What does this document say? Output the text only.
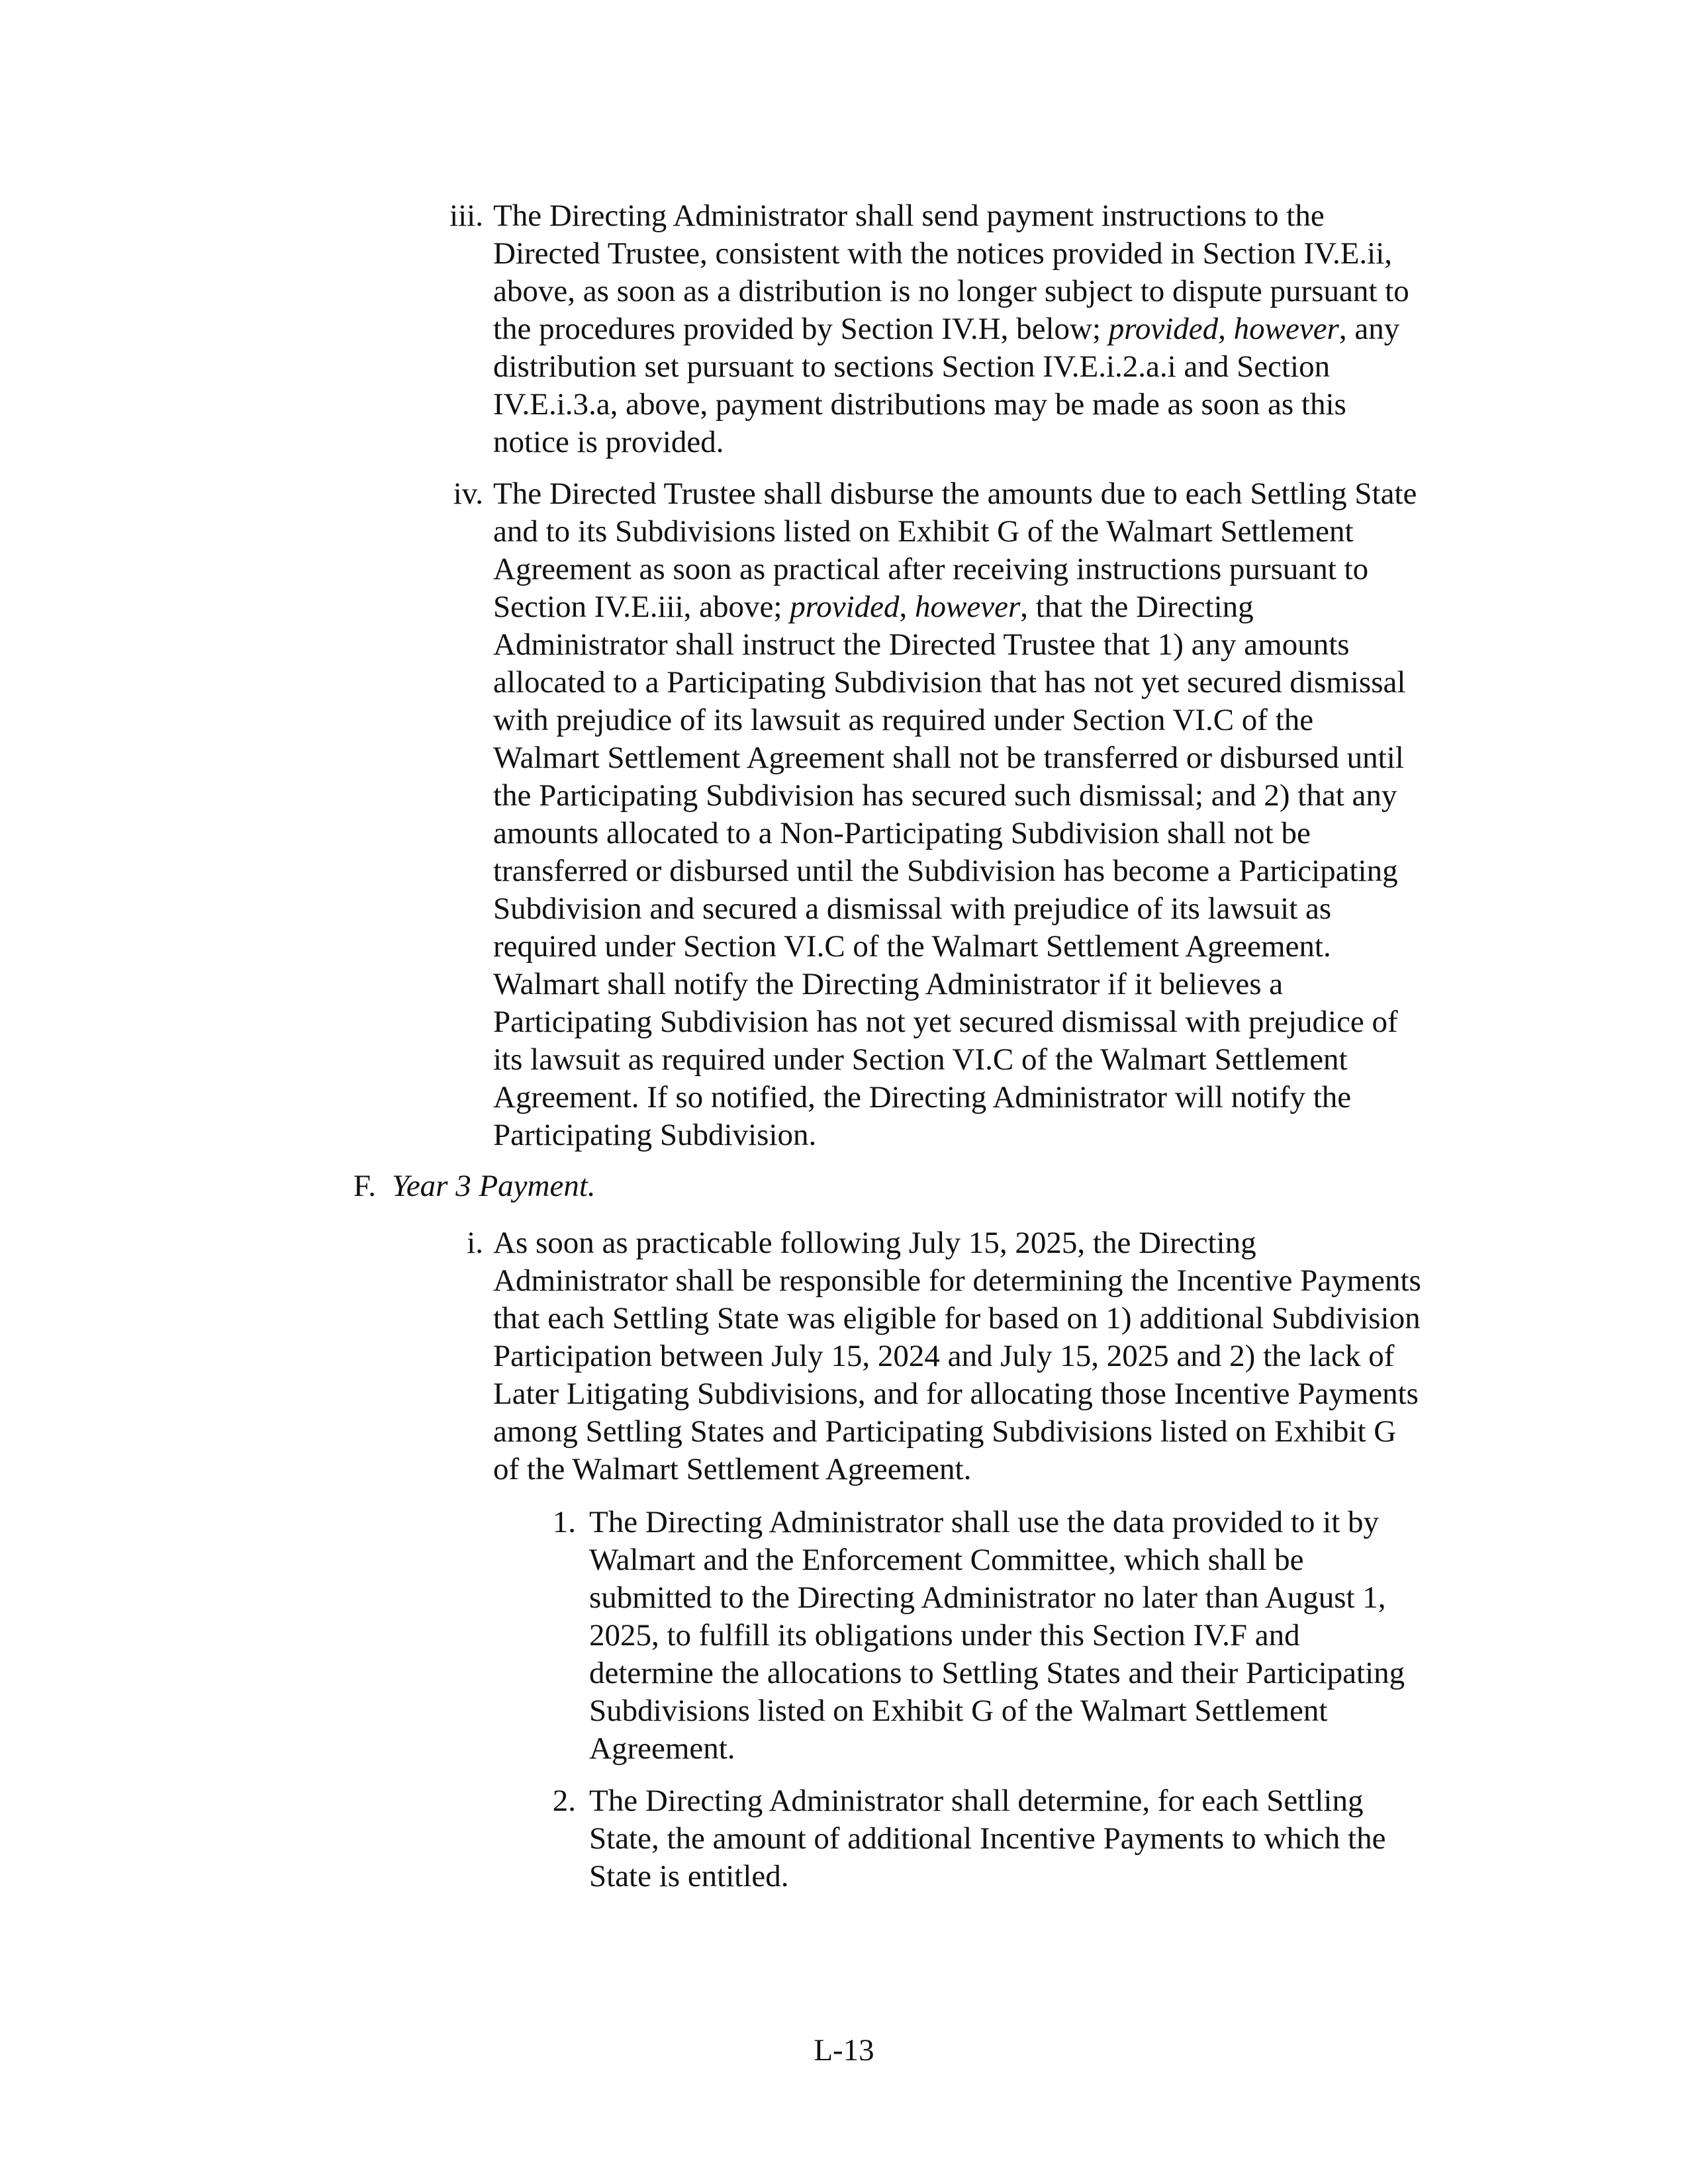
iii. The Directing Administrator shall send payment instructions to the
Directed Trustee, consistent with the notices provided in Section IV.E.ii,
above, as soon as a distribution is no longer subject to dispute pursuant to
the procedures provided by Section IV.H, below; provided, however, any
distribution set pursuant to sections Section IV.E.i.2.a.i and Section
IV.E.i.3.a, above, payment distributions may be made as soon as this
notice is provided.
iv. The Directed Trustee shall disburse the amounts due to each Settling State
and to its Subdivisions listed on Exhibit G of the Walmart Settlement
Agreement as soon as practical after receiving instructions pursuant to
Section IV.E.iii, above; provided, however, that the Directing
Administrator shall instruct the Directed Trustee that 1) any amounts
allocated to a Participating Subdivision that has not yet secured dismissal
with prejudice of its lawsuit as required under Section VI.C of the
Walmart Settlement Agreement shall not be transferred or disbursed until
the Participating Subdivision has secured such dismissal; and 2) that any
amounts allocated to a Non-Participating Subdivision shall not be
transferred or disbursed until the Subdivision has become a Participating
Subdivision and secured a dismissal with prejudice of its lawsuit as
required under Section VI.C of the Walmart Settlement Agreement.
Walmart shall notify the Directing Administrator if it believes a
Participating Subdivision has not yet secured dismissal with prejudice of
its lawsuit as required under Section VI.C of the Walmart Settlement
Agreement. If so notified, the Directing Administrator will notify the
Participating Subdivision.
F. Year 3 Payment.
i. As soon as practicable following July 15, 2025, the Directing
Administrator shall be responsible for determining the Incentive Payments
that each Settling State was eligible for based on 1) additional Subdivision
Participation between July 15, 2024 and July 15, 2025 and 2) the lack of
Later Litigating Subdivisions, and for allocating those Incentive Payments
among Settling States and Participating Subdivisions listed on Exhibit G
of the Walmart Settlement Agreement.
1. The Directing Administrator shall use the data provided to it by
Walmart and the Enforcement Committee, which shall be
submitted to the Directing Administrator no later than August 1,
2025, to fulfill its obligations under this Section IV.F and
determine the allocations to Settling States and their Participating
Subdivisions listed on Exhibit G of the Walmart Settlement
Agreement.
2. The Directing Administrator shall determine, for each Settling
State, the amount of additional Incentive Payments to which the
State is entitled.
L-13
